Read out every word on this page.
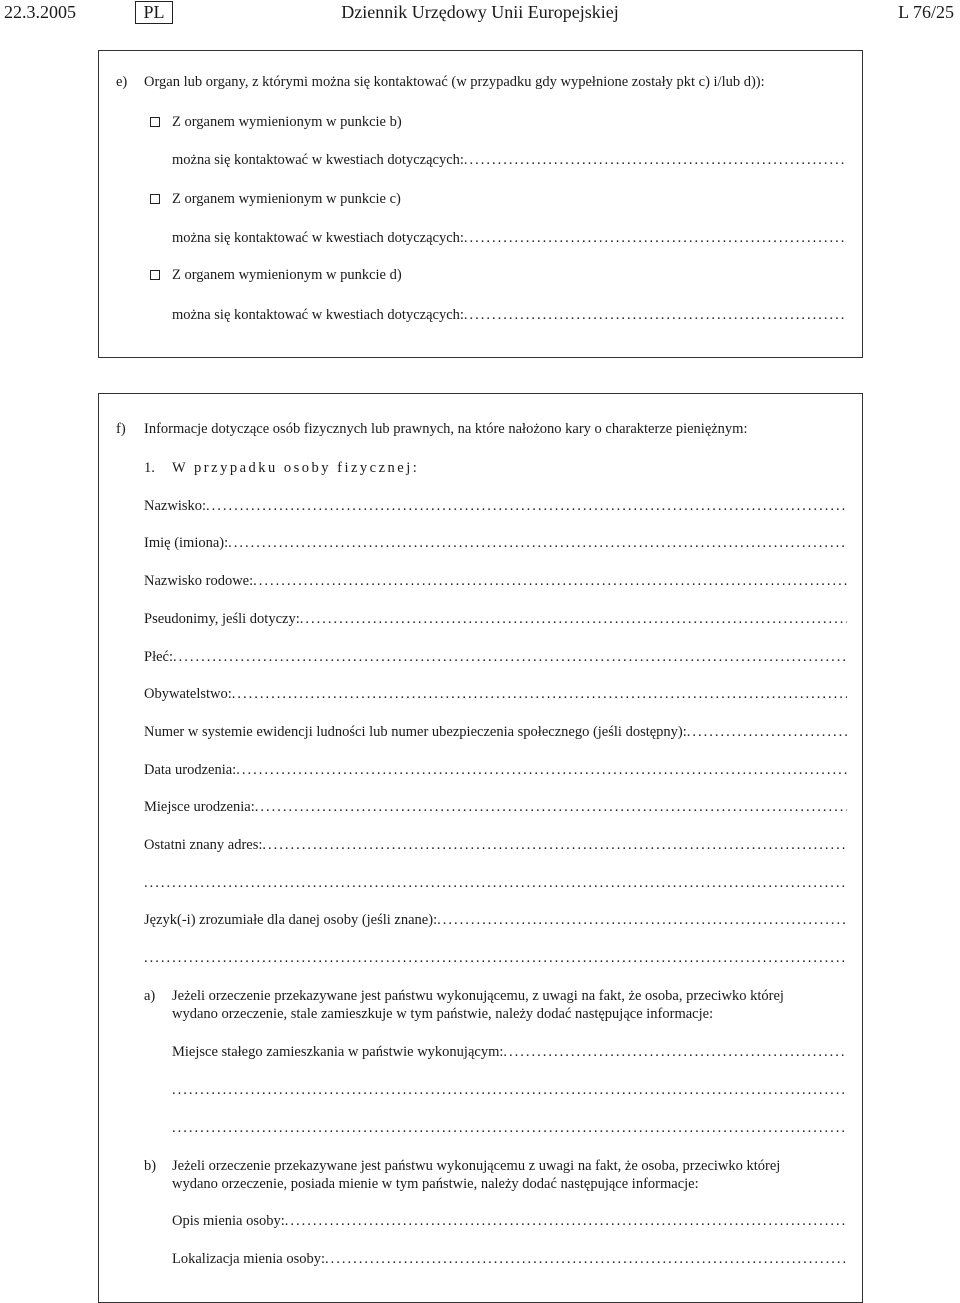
22.3.2005	PL	Dziennik Urzędowy Unii Europejskiej	L 76/25
e) Organ lub organy, z którymi można się kontaktować (w przypadku gdy wypełnione zostały pkt c) i/lub d)):
Z organem wymienionym w punkcie b)
można się kontaktować w kwestiach dotyczących:
.....
Z organem wymienionym w punkcie c)
można się kontaktować w kwestiach dotyczących:
.....
Z organem wymienionym w punkcie d)
można się kontaktować w kwestiach dotyczących:
.....
f) Informacje dotyczące osób fizycznych lub prawnych, na które nałożono kary o charakterze pieniężnym:
1. W przypadku osoby fizycznej:
Nazwisko:
.....
Imię (imiona):
.....
Nazwisko rodowe:
.....
Pseudonimy, jeśli dotyczy:
.....
Płeć:
.....
Obywatelstwo:
.....
Numer w systemie ewidencji ludności lub numer ubezpieczenia społecznego (jeśli dostępny):
.....
Data urodzenia:
.....
Miejsce urodzenia:
.....
Ostatni znany adres:
.....
.....
Język(-i) zrozumiałe dla danej osoby (jeśli znane):
.....
.....
a) Jeżeli orzeczenie przekazywane jest państwu wykonującemu, z uwagi na fakt, że osoba, przeciwko której
wydano orzeczenie, stale zamieszkuje w tym państwie, należy dodać następujące informacje:
Miejsce stałego zamieszkania w państwie wykonującym:
.....
.....
.....
b) Jeżeli orzeczenie przekazywane jest państwu wykonującemu z uwagi na fakt, że osoba, przeciwko której
wydano orzeczenie, posiada mienie w tym państwie, należy dodać następujące informacje:
Opis mienia osoby:
.....
Lokalizacja mienia osoby:
.....
